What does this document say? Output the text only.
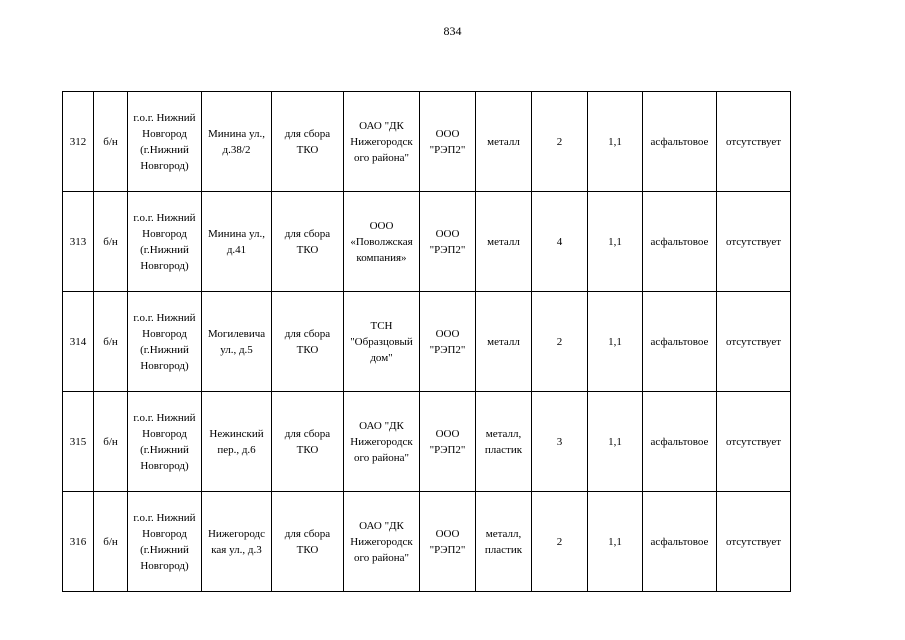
834
312	б/н	г.о.г. Нижний Новгород (г.Нижний Новгород)	Минина ул., д.38/2	для сбора ТКО	ОАО "ДК Нижегородск ого района"	ООО "РЭП2"	металл	2	1,1	асфальтовое	отсутствует
313	б/н	г.о.г. Нижний Новгород (г.Нижний Новгород)	Минина ул., д.41	для сбора ТКО	ООО «Поволжская компания»	ООО "РЭП2"	металл	4	1,1	асфальтовое	отсутствует
314	б/н	г.о.г. Нижний Новгород (г.Нижний Новгород)	Могилевича ул., д.5	для сбора ТКО	ТСН "Образцовый дом"	ООО "РЭП2"	металл	2	1,1	асфальтовое	отсутствует
315	б/н	г.о.г. Нижний Новгород (г.Нижний Новгород)	Нежинский пер., д.6	для сбора ТКО	ОАО "ДК Нижегородск ого района"	ООО "РЭП2"	металл, пластик	3	1,1	асфальтовое	отсутствует
316	б/н	г.о.г. Нижний Новгород (г.Нижний Новгород)	Нижегородс кая ул., д.3	для сбора ТКО	ОАО "ДК Нижегородск ого района"	ООО "РЭП2"	металл, пластик	2	1,1	асфальтовое	отсутствует
